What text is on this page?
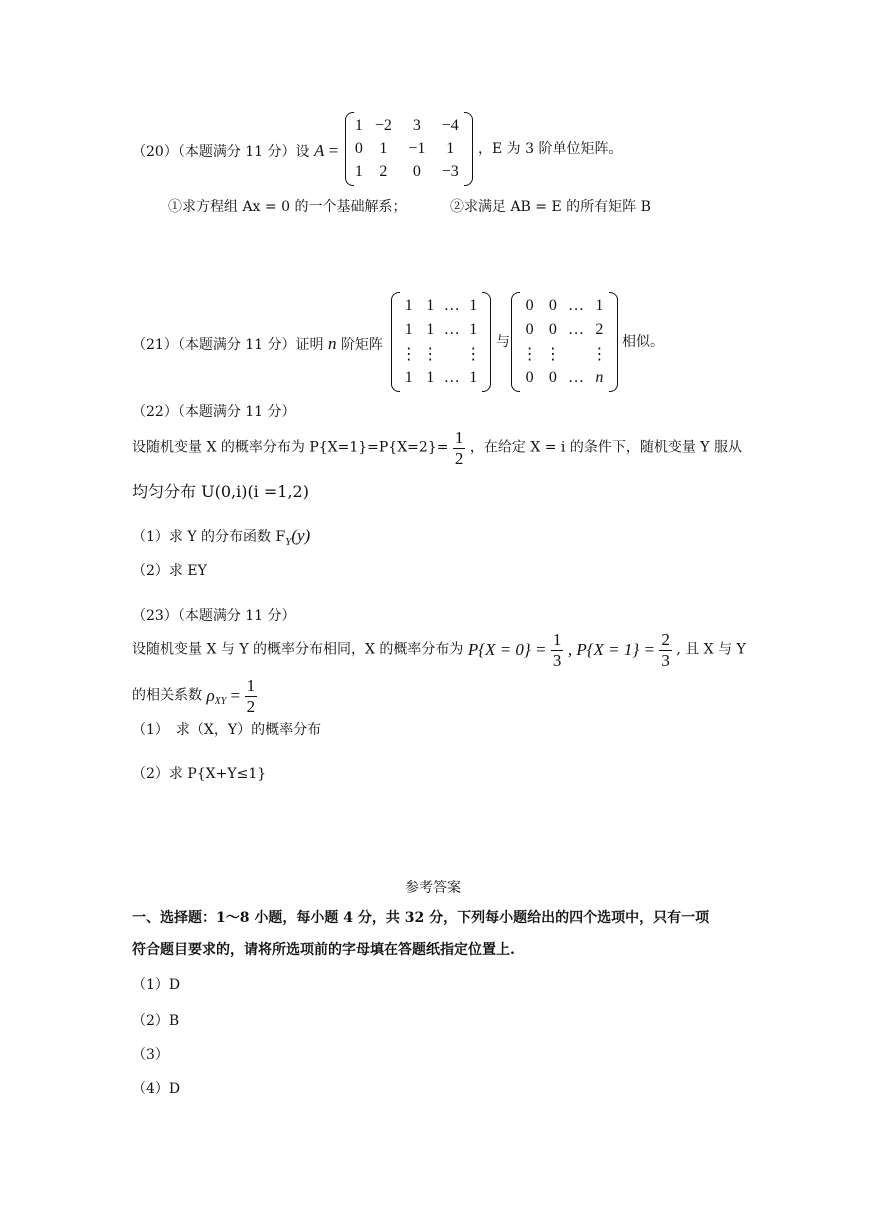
（20）（本题满分 11 分）设 A =
1	−2	3	−4
0	1	−1	1
1	2	0	−3
，E 为 3 阶单位矩阵。
①求方程组 Ax = 0 的一个基础解系；	②求满足 AB = E 的所有矩阵 B
（21）（本题满分 11 分）证明 n 阶矩阵
1	1	…	1
1	1	…	1
⋮	⋮		⋮
1	1	…	1
与
0	0	…	1
0	0	…	2
⋮	⋮		⋮
0	0	…	n
相似。
（22）（本题满分 11 分）
设随机变量 X 的概率分布为 $P\{X=1\}=P\{X=2\}= \frac{1}{2}$ ，在给定 X = i 的条件下，随机变量 Y 服从
均匀分布 U(0,i)(i =1,2)
（1）求 Y 的分布函数 $F_Y(y)$
（2）求 EY
（23）（本题满分 11 分）
设随机变量 X 与 Y 的概率分布相同，X 的概率分布为 $P\{X = 0\} = \frac{1}{3}$ , $P\{X = 1\} = \frac{2}{3}$ , 且 X 与 Y
的相关系数 $\rho_{XY} = \frac{1}{2}$
（1）　求（X，Y）的概率分布
（2）求 P{X+Y≤1}
参考答案
一、选择题：1～8 小题，每小题 4 分，共 32 分，下列每小题给出的四个选项中，只有一项
符合题目要求的，请将所选项前的字母填在答题纸指定位置上.
（1）D
（2）B
（3）
（4）D
